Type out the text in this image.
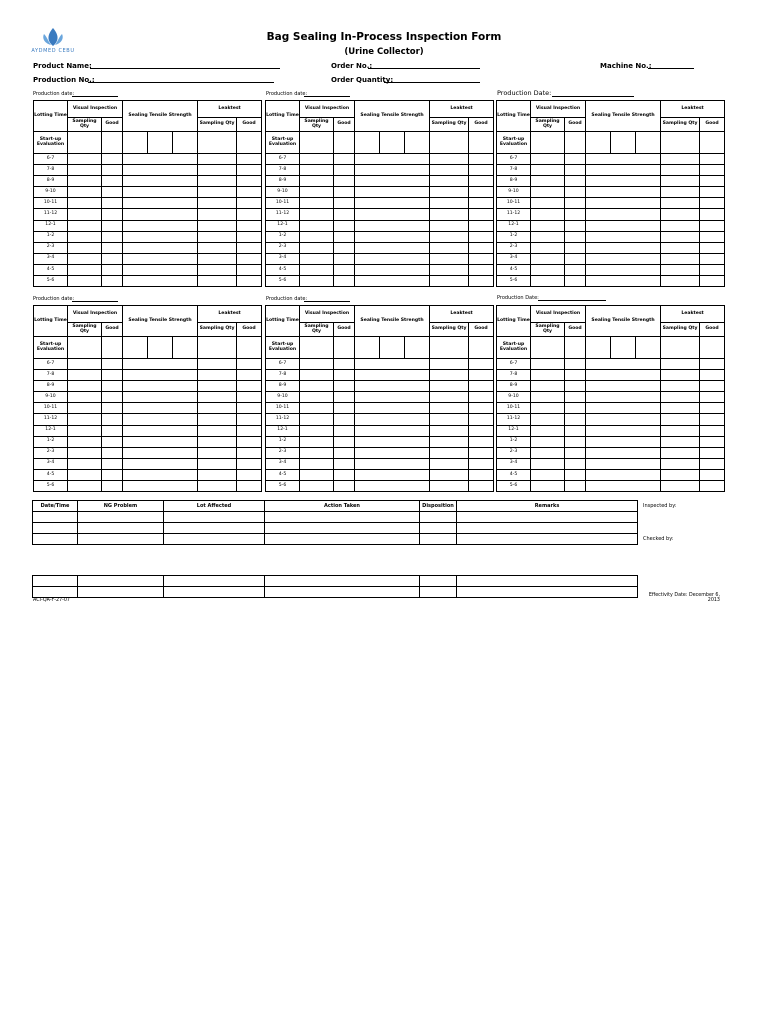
AYDMED CEBU
Bag Sealing In-Process Inspection Form
(Urine Collector)
Product Name:	Order No.:	Machine No.:
Production No.:	Order Quantity:
Production date:	Production date:	Production Date:
Production date:	Production date:	Production Date:
Lotting Time	Visual Inspection		Sealing Tensile Strength			Leaktest	
	Sampling Qty	Good				Sampling Qty	Good
Start-up Evaluation							
6-7							
7-8							
8-9							
9-10							
10-11							
11-12							
12-1							
1-2							
2-3							
3-4							
4-5							
5-6							
Lotting Time	Visual Inspection		Sealing Tensile Strength			Leaktest	
	Sampling Qty	Good				Sampling Qty	Good
Start-up Evaluation							
6-7							
7-8							
8-9							
9-10							
10-11							
11-12							
12-1							
1-2							
2-3							
3-4							
4-5							
5-6							
Lotting Time	Visual Inspection		Sealing Tensile Strength			Leaktest	
	Sampling Qty	Good				Sampling Qty	Good
Start-up Evaluation							
6-7							
7-8							
8-9							
9-10							
10-11							
11-12							
12-1							
1-2							
2-3							
3-4							
4-5							
5-6							
Lotting Time	Visual Inspection		Sealing Tensile Strength			Leaktest	
	Sampling Qty	Good				Sampling Qty	Good
Start-up Evaluation							
6-7							
7-8							
8-9							
9-10							
10-11							
11-12							
12-1							
1-2							
2-3							
3-4							
4-5							
5-6							
Lotting Time	Visual Inspection		Sealing Tensile Strength			Leaktest	
	Sampling Qty	Good				Sampling Qty	Good
Start-up Evaluation							
6-7							
7-8							
8-9							
9-10							
10-11							
11-12							
12-1							
1-2							
2-3							
3-4							
4-5							
5-6							
Lotting Time	Visual Inspection		Sealing Tensile Strength			Leaktest	
	Sampling Qty	Good				Sampling Qty	Good
Start-up Evaluation							
6-7							
7-8							
8-9							
9-10							
10-11							
11-12							
12-1							
1-2							
2-3							
3-4							
4-5							
5-6							
Date/Time	NG Problem	Lot Affected	Action Taken	Disposition	Remarks	Inspected by:

						Checked by:

ACI-QA-F-27-07
Effectivity Date: December 6,
2013
